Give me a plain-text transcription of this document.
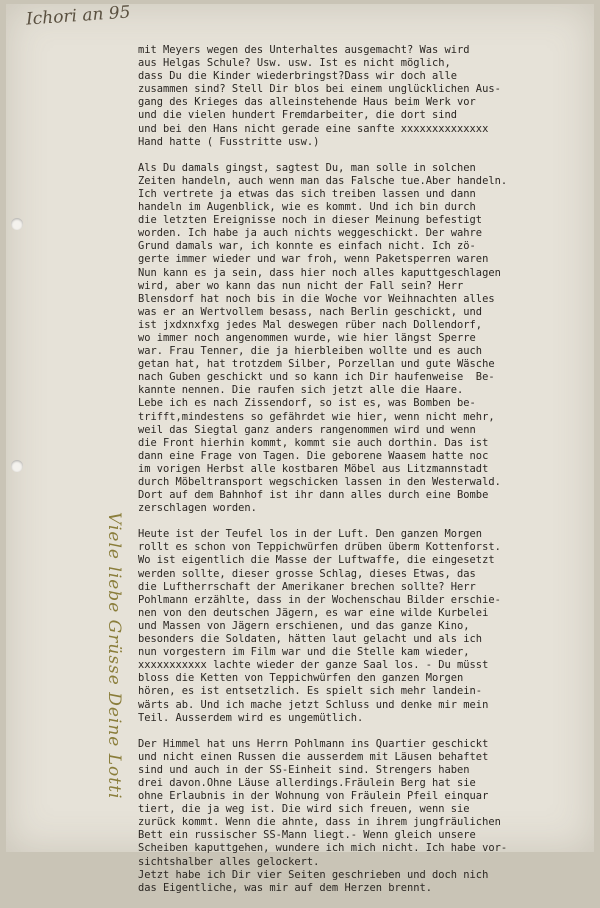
Ichori an 95
Viele liebe Grüsse Deine Lotti
mit Meyers wegen des Unterhaltes ausgemacht? Was wird
aus Helgas Schule? Usw. usw. Ist es nicht möglich,
dass Du die Kinder wiederbringst?Dass wir doch alle
zusammen sind? Stell Dir blos bei einem unglücklichen Aus-
gang des Krieges das alleinstehende Haus beim Werk vor
und die vielen hundert Fremdarbeiter, die dort sind
und bei den Hans nicht gerade eine sanfte xxxxxxxxxxxxxx
Hand hatte ( Fusstritte usw.)
Als Du damals gingst, sagtest Du, man solle in solchen
Zeiten handeln, auch wenn man das Falsche tue.Aber handeln.
Ich vertrete ja etwas das sich treiben lassen und dann
handeln im Augenblick, wie es kommt. Und ich bin durch
die letzten Ereignisse noch in dieser Meinung befestigt
worden. Ich habe ja auch nichts weggeschickt. Der wahre
Grund damals war, ich konnte es einfach nicht. Ich zö-
gerte immer wieder und war froh, wenn Paketsperren waren
Nun kann es ja sein, dass hier noch alles kaputtgeschlagen
wird, aber wo kann das nun nicht der Fall sein? Herr
Blensdorf hat noch bis in die Woche vor Weihnachten alles
was er an Wertvollem besass, nach Berlin geschickt, und
ist jxdxnxfxg jedes Mal deswegen rüber nach Dollendorf,
wo immer noch angenommen wurde, wie hier längst Sperre
war. Frau Tenner, die ja hierbleiben wollte und es auch
getan hat, hat trotzdem Silber, Porzellan und gute Wäsche
nach Guben geschickt und so kann ich Dir haufenweise  Be-
kannte nennen. Die raufen sich jetzt alle die Haare.
Lebe ich es nach Zissendorf, so ist es, was Bomben be-
trifft,mindestens so gefährdet wie hier, wenn nicht mehr,
weil das Siegtal ganz anders rangenommen wird und wenn
die Front hierhin kommt, kommt sie auch dorthin. Das ist
dann eine Frage von Tagen. Die geborene Waasem hatte noc
im vorigen Herbst alle kostbaren Möbel aus Litzmannstadt
durch Möbeltransport wegschicken lassen in den Westerwald.
Dort auf dem Bahnhof ist ihr dann alles durch eine Bombe
zerschlagen worden.
Heute ist der Teufel los in der Luft. Den ganzen Morgen
rollt es schon von Teppichwürfen drüben überm Kottenforst.
Wo ist eigentlich die Masse der Luftwaffe, die eingesetzt
werden sollte, dieser grosse Schlag, dieses Etwas, das
die Luftherrschaft der Amerikaner brechen sollte? Herr
Pohlmann erzählte, dass in der Wochenschau Bilder erschie-
nen von den deutschen Jägern, es war eine wilde Kurbelei
und Massen von Jägern erschienen, und das ganze Kino,
besonders die Soldaten, hätten laut gelacht und als ich
nun vorgestern im Film war und die Stelle kam wieder,
xxxxxxxxxxx lachte wieder der ganze Saal los. - Du müsst
bloss die Ketten von Teppichwürfen den ganzen Morgen
hören, es ist entsetzlich. Es spielt sich mehr landein-
wärts ab. Und ich mache jetzt Schluss und denke mir mein
Teil. Ausserdem wird es ungemütlich.
Der Himmel hat uns Herrn Pohlmann ins Quartier geschickt
und nicht einen Russen die ausserdem mit Läusen behaftet
sind und auch in der SS-Einheit sind. Strengers haben
drei davon.Ohne Läuse allerdings.Fräulein Berg hat sie
ohne Erlaubnis in der Wohnung von Fräulein Pfeil einquar
tiert, die ja weg ist. Die wird sich freuen, wenn sie
zurück kommt. Wenn die ahnte, dass in ihrem jungfräulichen
Bett ein russischer SS-Mann liegt.- Wenn gleich unsere
Scheiben kaputtgehen, wundere ich mich nicht. Ich habe vor-
sichtshalber alles gelockert.
Jetzt habe ich Dir vier Seiten geschrieben und doch nich
das Eigentliche, was mir auf dem Herzen brennt.
